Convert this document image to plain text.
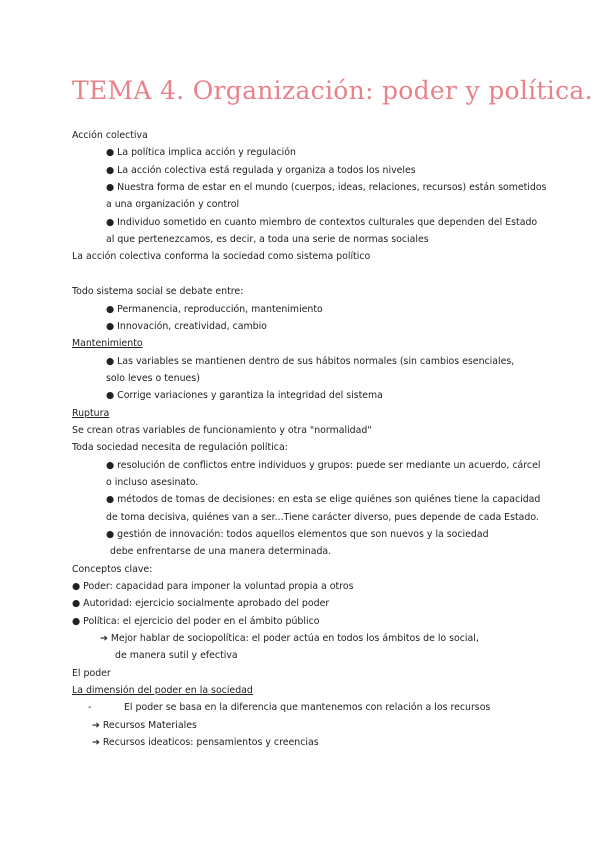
TEMA 4. Organización: poder y política.
Acción colectiva
● La política implica acción y regulación
● La acción colectiva está regulada y organiza a todos los niveles
● Nuestra forma de estar en el mundo (cuerpos, ideas, relaciones, recursos) están sometidos
a una organización y control
● Individuo sometido en cuanto miembro de contextos culturales que dependen del Estado
al que pertenezcamos, es decir, a toda una serie de normas sociales
La acción colectiva conforma la sociedad como sistema político
Todo sistema social se debate entre:
● Permanencia, reproducción, mantenimiento
● Innovación, creatividad, cambio
Mantenimiento
● Las variables se mantienen dentro de sus hábitos normales (sin cambios esenciales,
solo leves o tenues)
● Corrige variaciones y garantiza la integridad del sistema
Ruptura
Se crean otras variables de funcionamiento y otra "normalidad"
Toda sociedad necesita de regulación política:
● resolución de conflictos entre individuos y grupos: puede ser mediante un acuerdo, cárcel
o incluso asesinato.
● métodos de tomas de decisiones: en esta se elige quiénes son quiénes tiene la capacidad
de toma decisiva, quiénes van a ser...Tiene carácter diverso, pues depende de cada Estado.
● gestión de innovación: todos aquellos elementos que son nuevos y la sociedad
debe enfrentarse de una manera determinada.
Conceptos clave:
● Poder: capacidad para imponer la voluntad propia a otros
● Autoridad: ejercicio socialmente aprobado del poder
● Política: el ejercicio del poder en el ámbito público
➔ Mejor hablar de sociopolítica: el poder actúa en todos los ámbitos de lo social,
de manera sutil y efectiva
El poder
La dimensión del poder en la sociedad
-	El poder se basa en la diferencia que mantenemos con relación a los recursos
➔ Recursos Materiales
➔ Recursos ideaticos: pensamientos y creencias
